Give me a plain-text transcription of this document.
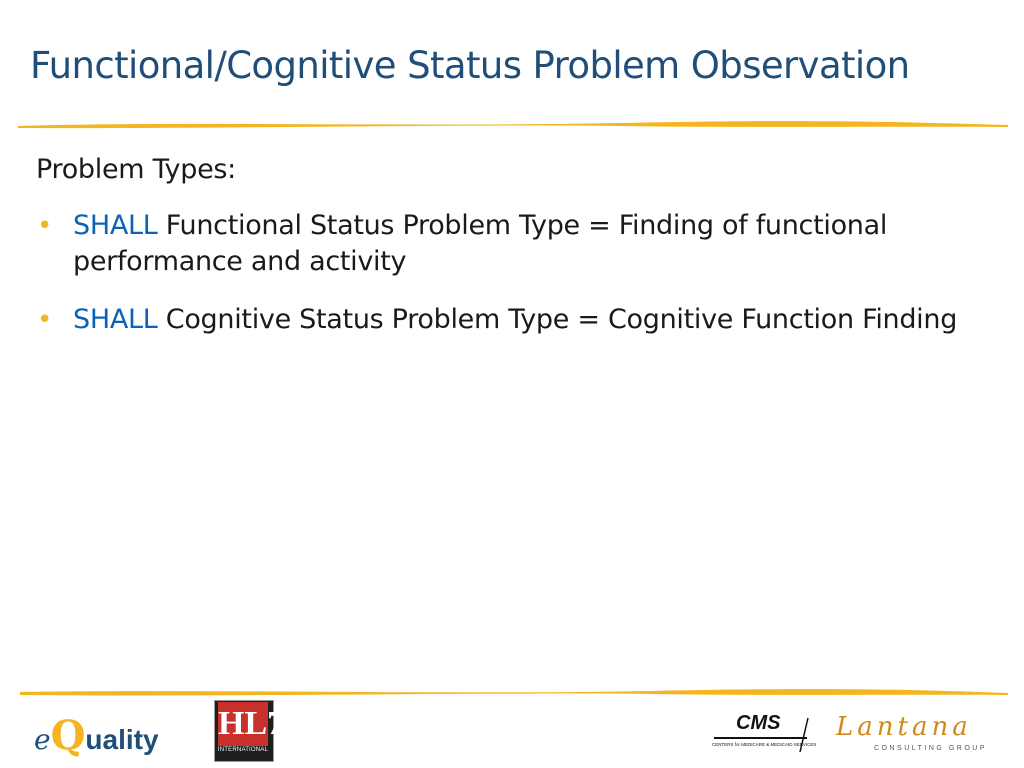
Functional/Cognitive Status Problem Observation
Problem Types:
• SHALL Functional Status Problem Type = Finding of functional performance and activity
• SHALL Cognitive Status Problem Type = Cognitive Function Finding
eQuality HL7
INTERNATIONAL
CMS
CENTERS for MEDICARE & MEDICAID SERVICES
Lantana
CONSULTING GROUP
